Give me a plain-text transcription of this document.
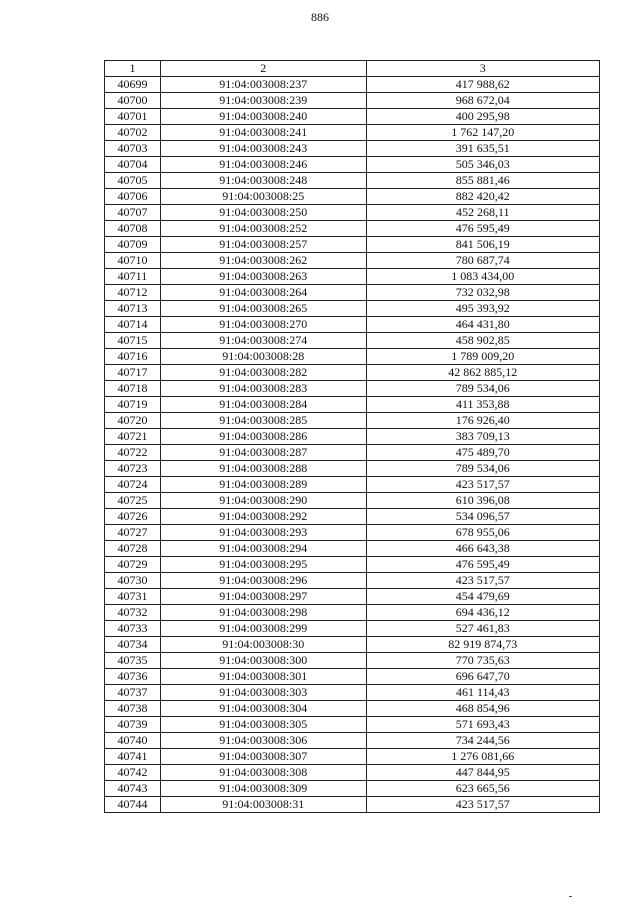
886
1	2	3
40699	91:04:003008:237	417 988,62
40700	91:04:003008:239	968 672,04
40701	91:04:003008:240	400 295,98
40702	91:04:003008:241	1 762 147,20
40703	91:04:003008:243	391 635,51
40704	91:04:003008:246	505 346,03
40705	91:04:003008:248	855 881,46
40706	91:04:003008:25	882 420,42
40707	91:04:003008:250	452 268,11
40708	91:04:003008:252	476 595,49
40709	91:04:003008:257	841 506,19
40710	91:04:003008:262	780 687,74
40711	91:04:003008:263	1 083 434,00
40712	91:04:003008:264	732 032,98
40713	91:04:003008:265	495 393,92
40714	91:04:003008:270	464 431,80
40715	91:04:003008:274	458 902,85
40716	91:04:003008:28	1 789 009,20
40717	91:04:003008:282	42 862 885,12
40718	91:04:003008:283	789 534,06
40719	91:04:003008:284	411 353,88
40720	91:04:003008:285	176 926,40
40721	91:04:003008:286	383 709,13
40722	91:04:003008:287	475 489,70
40723	91:04:003008:288	789 534,06
40724	91:04:003008:289	423 517,57
40725	91:04:003008:290	610 396,08
40726	91:04:003008:292	534 096,57
40727	91:04:003008:293	678 955,06
40728	91:04:003008:294	466 643,38
40729	91:04:003008:295	476 595,49
40730	91:04:003008:296	423 517,57
40731	91:04:003008:297	454 479,69
40732	91:04:003008:298	694 436,12
40733	91:04:003008:299	527 461,83
40734	91:04:003008:30	82 919 874,73
40735	91:04:003008:300	770 735,63
40736	91:04:003008:301	696 647,70
40737	91:04:003008:303	461 114,43
40738	91:04:003008:304	468 854,96
40739	91:04:003008:305	571 693,43
40740	91:04:003008:306	734 244,56
40741	91:04:003008:307	1 276 081,66
40742	91:04:003008:308	447 844,95
40743	91:04:003008:309	623 665,56
40744	91:04:003008:31	423 517,57
